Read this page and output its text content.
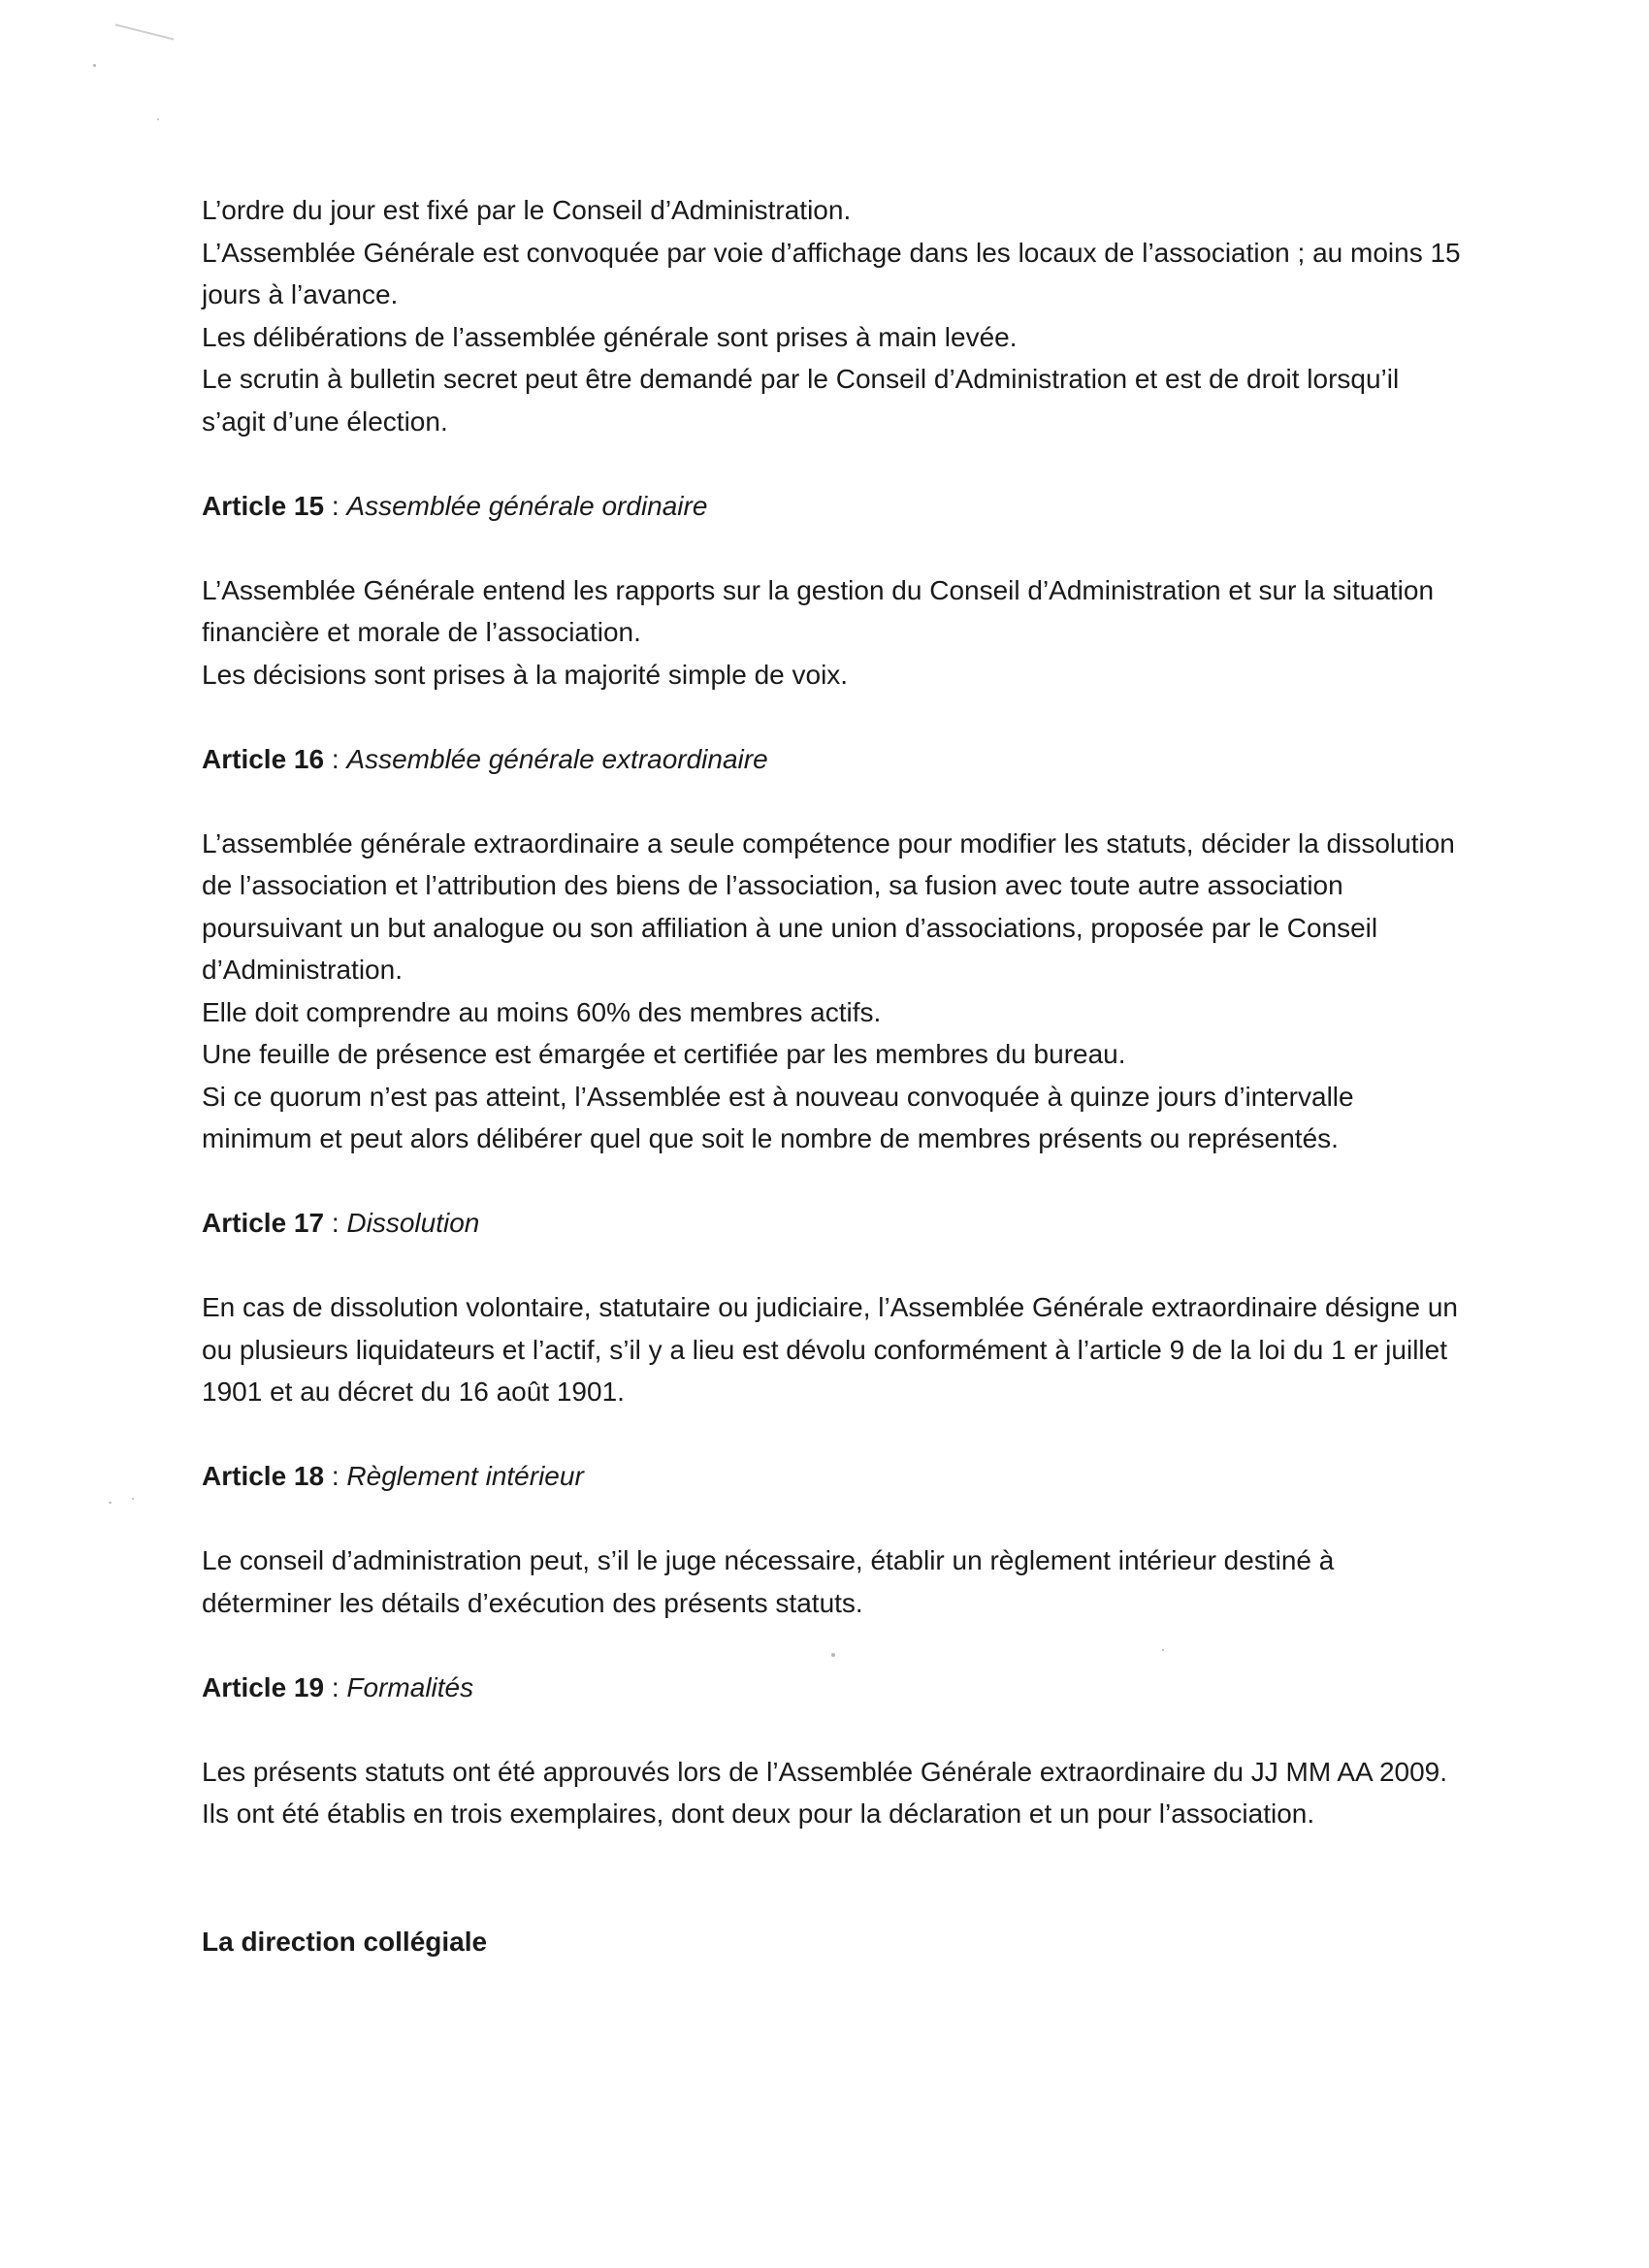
L’ordre du jour est fixé par le Conseil d’Administration.

L’Assemblée Générale est convoquée par voie d’affichage dans les locaux de l’association ; au moins 15 jours à l’avance.

Les délibérations de l’assemblée générale sont prises à main levée.

Le scrutin à bulletin secret peut être demandé par le Conseil d’Administration et est de droit lorsqu’il s’agit d’une élection.

Article 15 : Assemblée générale ordinaire

L’Assemblée Générale entend les rapports sur la gestion du Conseil d’Administration et sur la situation financière et morale de l’association.

Les décisions sont prises à la majorité simple de voix.

Article 16 : Assemblée générale extraordinaire

L’assemblée générale extraordinaire a seule compétence pour modifier les statuts, décider la dissolution de l’association et l’attribution des biens de l’association, sa fusion avec toute autre association poursuivant un but analogue ou son affiliation à une union d’associations, proposée par le Conseil d’Administration.

Elle doit comprendre au moins 60% des membres actifs.

Une feuille de présence est émargée et certifiée par les membres du bureau.

Si ce quorum n’est pas atteint, l’Assemblée est à nouveau convoquée à quinze jours d’intervalle minimum et peut alors délibérer quel que soit le nombre de membres présents ou représentés.

Article 17 : Dissolution

En cas de dissolution volontaire, statutaire ou judiciaire, l’Assemblée Générale extraordinaire désigne un ou plusieurs liquidateurs et l’actif, s’il y a lieu est dévolu conformément à l’article 9 de la loi du 1 er juillet 1901 et au décret du 16 août 1901.

Article 18 : Règlement intérieur

Le conseil d’administration peut, s’il le juge nécessaire, établir un règlement intérieur destiné à déterminer les détails d’exécution des présents statuts.

Article 19 : Formalités

Les présents statuts ont été approuvés lors de l’Assemblée Générale extraordinaire du JJ MM AA 2009.

Ils ont été établis en trois exemplaires, dont deux pour la déclaration et un pour l’association.

La direction collégiale
